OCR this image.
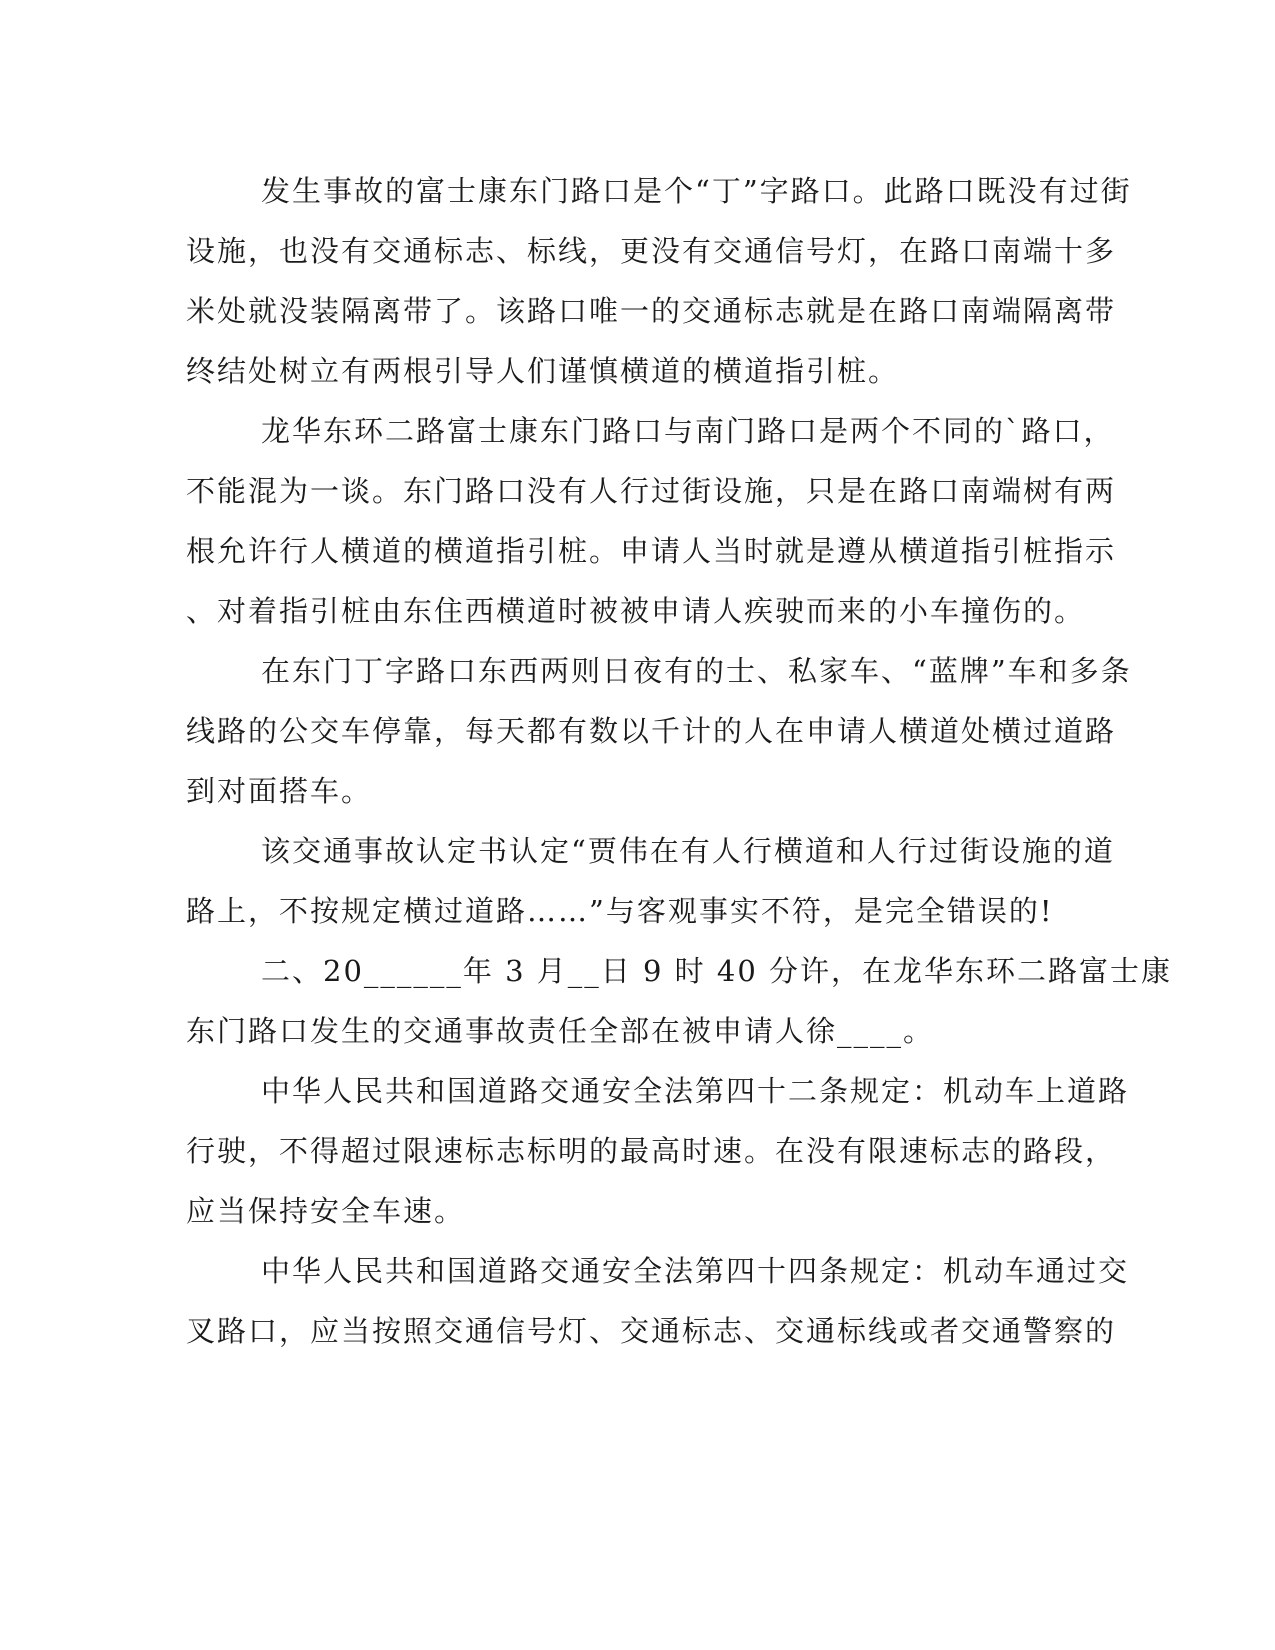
发生事故的富士康东门路口是个“丁”字路口。此路口既没有过街
设施，也没有交通标志、标线，更没有交通信号灯，在路口南端十多
米处就没装隔离带了。该路口唯一的交通标志就是在路口南端隔离带
终结处树立有两根引导人们谨慎横道的横道指引桩。
龙华东环二路富士康东门路口与南门路口是两个不同的`路口，
不能混为一谈。东门路口没有人行过街设施，只是在路口南端树有两
根允许行人横道的横道指引桩。申请人当时就是遵从横道指引桩指示
、对着指引桩由东住西横道时被被申请人疾驶而来的小车撞伤的。
在东门丁字路口东西两则日夜有的士、私家车、“蓝牌”车和多条
线路的公交车停靠，每天都有数以千计的人在申请人横道处横过道路
到对面搭车。
该交通事故认定书认定“贾伟在有人行横道和人行过街设施的道
路上，不按规定横过道路……”与客观事实不符，是完全错误的!
二、20______年 3 月__日 9 时 40 分许，在龙华东环二路富士康
东门路口发生的交通事故责任全部在被申请人徐____。
中华人民共和国道路交通安全法第四十二条规定：机动车上道路
行驶，不得超过限速标志标明的最高时速。在没有限速标志的路段，
应当保持安全车速。
中华人民共和国道路交通安全法第四十四条规定：机动车通过交
叉路口，应当按照交通信号灯、交通标志、交通标线或者交通警察的
